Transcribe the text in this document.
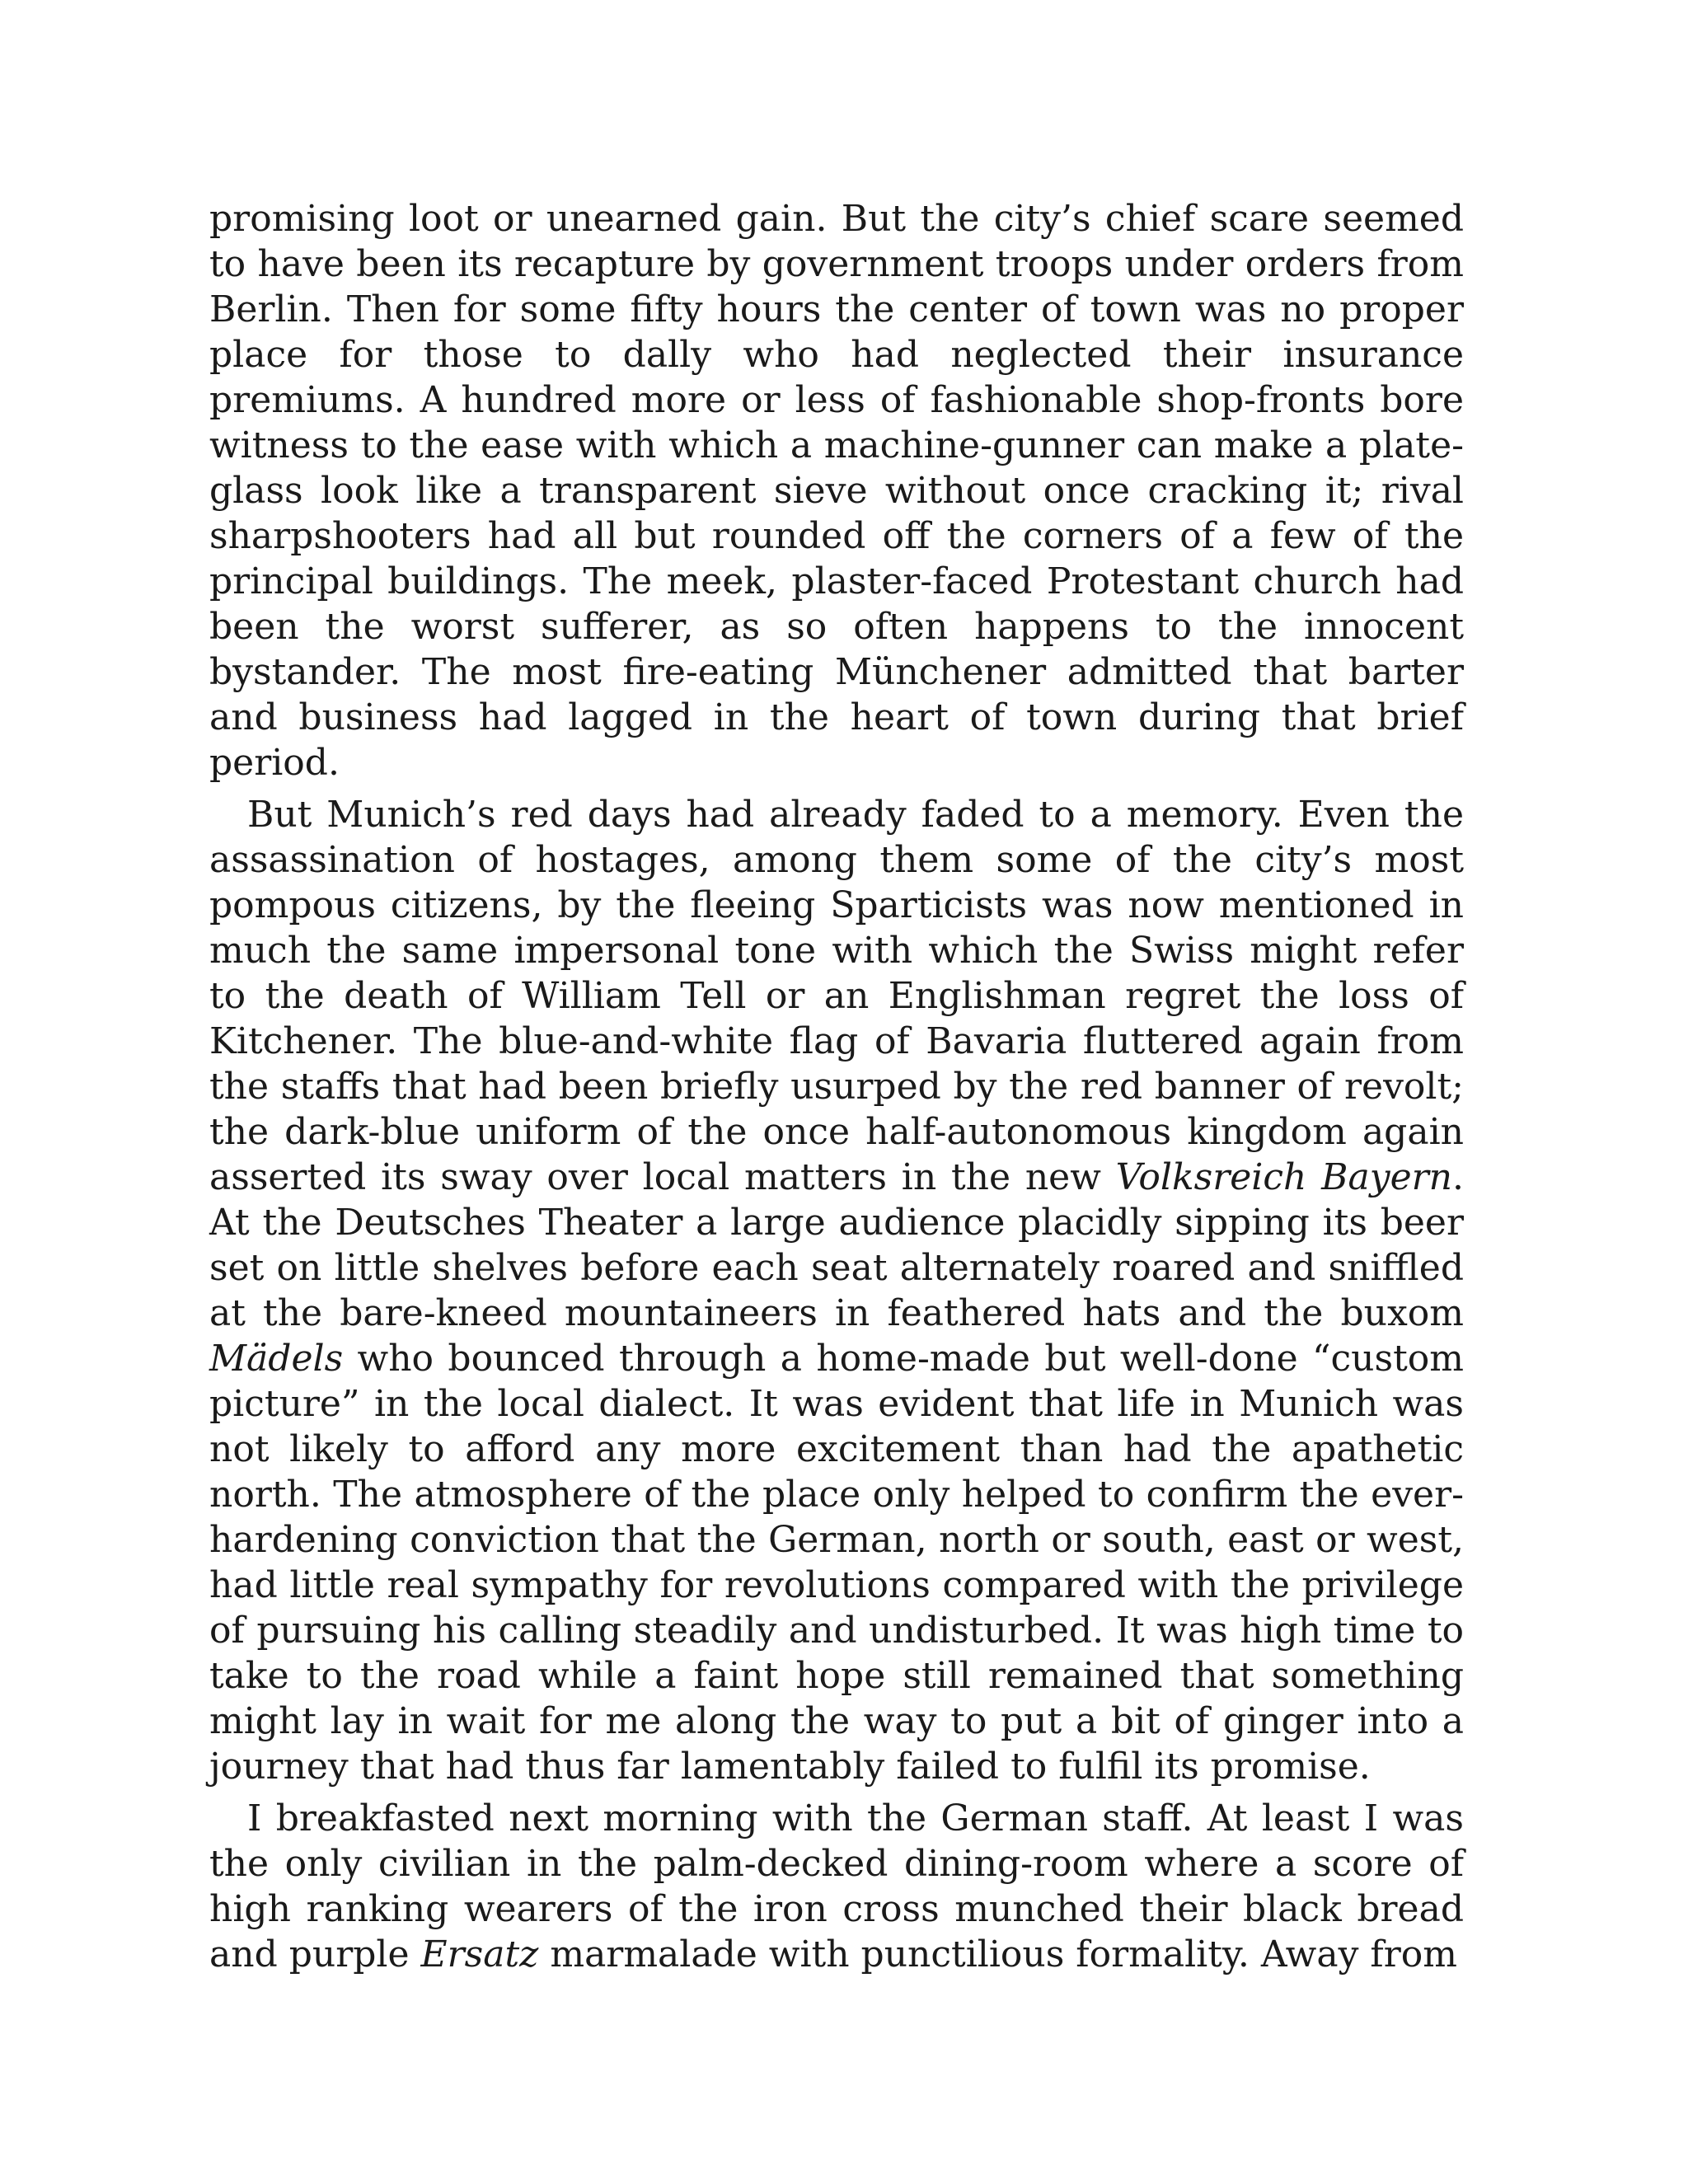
promising loot or unearned gain. But the city’s chief scare seemed to have been its recapture by government troops under orders from Berlin. Then for some fifty hours the center of town was no proper place for those to dally who had neglected their insurance premiums. A hundred more or less of fashionable shop-fronts bore witness to the ease with which a machine-gunner can make a plate-glass look like a transparent sieve without once cracking it; rival sharpshooters had all but rounded off the corners of a few of the principal buildings. The meek, plaster-faced Protestant church had been the worst sufferer, as so often happens to the innocent bystander. The most fire-eating Münchener admitted that barter and business had lagged in the heart of town during that brief period.

But Munich’s red days had already faded to a memory. Even the assassination of hostages, among them some of the city’s most pompous citizens, by the fleeing Sparticists was now mentioned in much the same impersonal tone with which the Swiss might refer to the death of William Tell or an Englishman regret the loss of Kitchener. The blue-and-white flag of Bavaria fluttered again from the staffs that had been briefly usurped by the red banner of revolt; the dark-blue uniform of the once half-autonomous kingdom again asserted its sway over local matters in the new Volksreich Bayern. At the Deutsches Theater a large audience placidly sipping its beer set on little shelves before each seat alternately roared and sniffled at the bare-kneed mountaineers in feathered hats and the buxom Mädels who bounced through a home-made but well-done “custom picture” in the local dialect. It was evident that life in Munich was not likely to afford any more excitement than had the apathetic north. The atmosphere of the place only helped to confirm the ever-hardening conviction that the German, north or south, east or west, had little real sympathy for revolutions compared with the privilege of pursuing his calling steadily and undisturbed. It was high time to take to the road while a faint hope still remained that something might lay in wait for me along the way to put a bit of ginger into a journey that had thus far lamentably failed to fulfil its promise.

I breakfasted next morning with the German staff. At least I was the only civilian in the palm-decked dining-room where a score of high ranking wearers of the iron cross munched their black bread and purple Ersatz marmalade with punctilious formality. Away from
